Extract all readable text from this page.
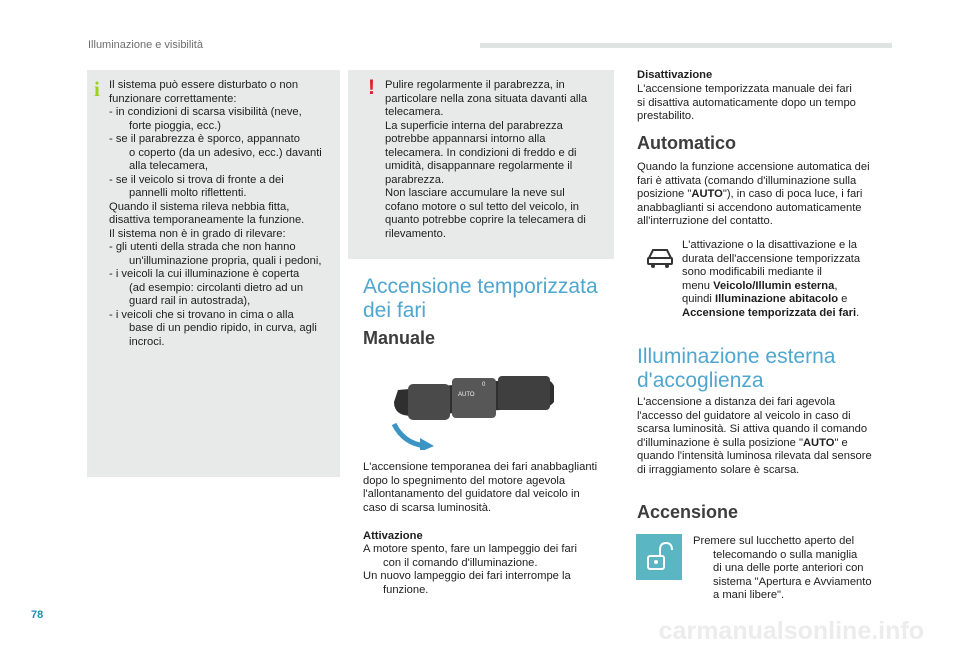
Illuminazione e visibilità
i Il sistema può essere disturbato o non
funzionare correttamente:
- in condizioni di scarsa visibilità (neve,
forte pioggia, ecc.)
- se il parabrezza è sporco, appannato
o coperto (da un adesivo, ecc.) davanti
alla telecamera,
- se il veicolo si trova di fronte a dei
pannelli molto riflettenti.
Quando il sistema rileva nebbia fitta,
disattiva temporaneamente la funzione.
Il sistema non è in grado di rilevare:
- gli utenti della strada che non hanno
un'illuminazione propria, quali i pedoni,
- i veicoli la cui illuminazione è coperta
(ad esempio: circolanti dietro ad un
guard rail in autostrada),
- i veicoli che si trovano in cima o alla
base di un pendio ripido, in curva, agli
incroci.
! Pulire regolarmente il parabrezza, in
particolare nella zona situata davanti alla
telecamera.
La superficie interna del parabrezza
potrebbe appannarsi intorno alla
telecamera. In condizioni di freddo e di
umidità, disappannare regolarmente il
parabrezza.
Non lasciare accumulare la neve sul
cofano motore o sul tetto del veicolo, in
quanto potrebbe coprire la telecamera di
rilevamento.
Accensione temporizzata
dei fari
Manuale
AUTO
0
L'accensione temporanea dei fari anabbaglianti
dopo lo spegnimento del motore agevola
l'allontanamento del guidatore dal veicolo in
caso di scarsa luminosità.
Attivazione
A motore spento, fare un lampeggio dei fari
con il comando d'illuminazione.
Un nuovo lampeggio dei fari interrompe la
funzione.
Disattivazione
L'accensione temporizzata manuale dei fari
si disattiva automaticamente dopo un tempo
prestabilito.
Automatico
Quando la funzione accensione automatica dei
fari è attivata (comando d'illuminazione sulla
posizione "AUTO"), in caso di poca luce, i fari
anabbaglianti si accendono automaticamente
all'interruzione del contatto.
L'attivazione o la disattivazione e la
durata dell'accensione temporizzata
sono modificabili mediante il
menu Veicolo/Illumin esterna,
quindi Illuminazione abitacolo e
Accensione temporizzata dei fari.
Illuminazione esterna
d'accoglienza
L'accensione a distanza dei fari agevola
l'accesso del guidatore al veicolo in caso di
scarsa luminosità. Si attiva quando il comando
d'illuminazione è sulla posizione "AUTO" e
quando l'intensità luminosa rilevata dal sensore
di irraggiamento solare è scarsa.
Accensione
Premere sul lucchetto aperto del
telecomando o sulla maniglia
di una delle porte anteriori con
sistema "Apertura e Avviamento
a mani libere".
78
carmanualsonline.info
